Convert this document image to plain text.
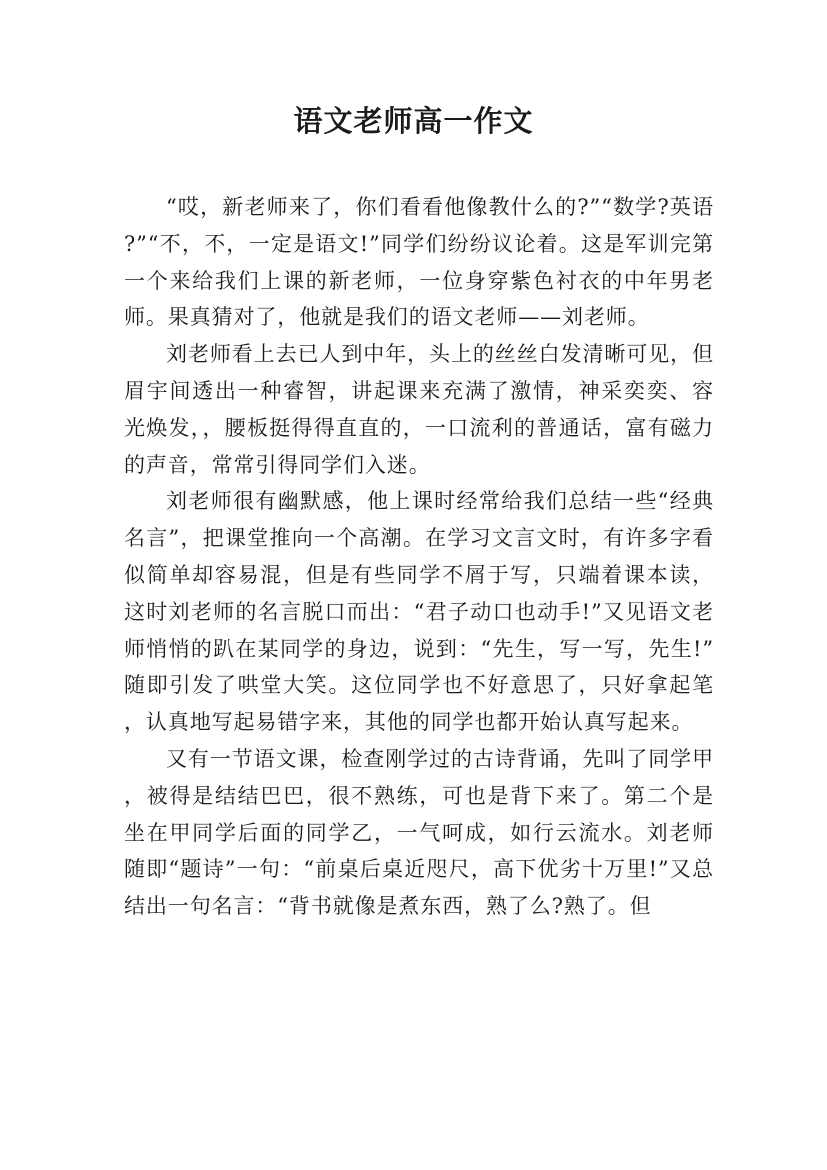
语文老师高一作文

“哎，新老师来了，你们看看他像教什么的?”“数学?英语?”“不，不，一定是语文!”同学们纷纷议论着。这是军训完第一个来给我们上课的新老师，一位身穿紫色衬衣的中年男老师。果真猜对了，他就是我们的语文老师——刘老师。

刘老师看上去已人到中年，头上的丝丝白发清晰可见，但眉宇间透出一种睿智，讲起课来充满了激情，神采奕奕、容光焕发，，腰板挺得得直直的，一口流利的普通话，富有磁力的声音，常常引得同学们入迷。

刘老师很有幽默感，他上课时经常给我们总结一些“经典名言”，把课堂推向一个高潮。在学习文言文时，有许多字看似简单却容易混，但是有些同学不屑于写，只端着课本读，这时刘老师的名言脱口而出：“君子动口也动手!”又见语文老师悄悄的趴在某同学的身边，说到：“先生，写一写，先生!”随即引发了哄堂大笑。这位同学也不好意思了，只好拿起笔，认真地写起易错字来，其他的同学也都开始认真写起来。

又有一节语文课，检查刚学过的古诗背诵，先叫了同学甲，被得是结结巴巴，很不熟练，可也是背下来了。第二个是坐在甲同学后面的同学乙，一气呵成，如行云流水。刘老师随即“题诗”一句：“前桌后桌近咫尺，高下优劣十万里!”又总结出一句名言：“背书就像是煮东西，熟了么?熟了。但
